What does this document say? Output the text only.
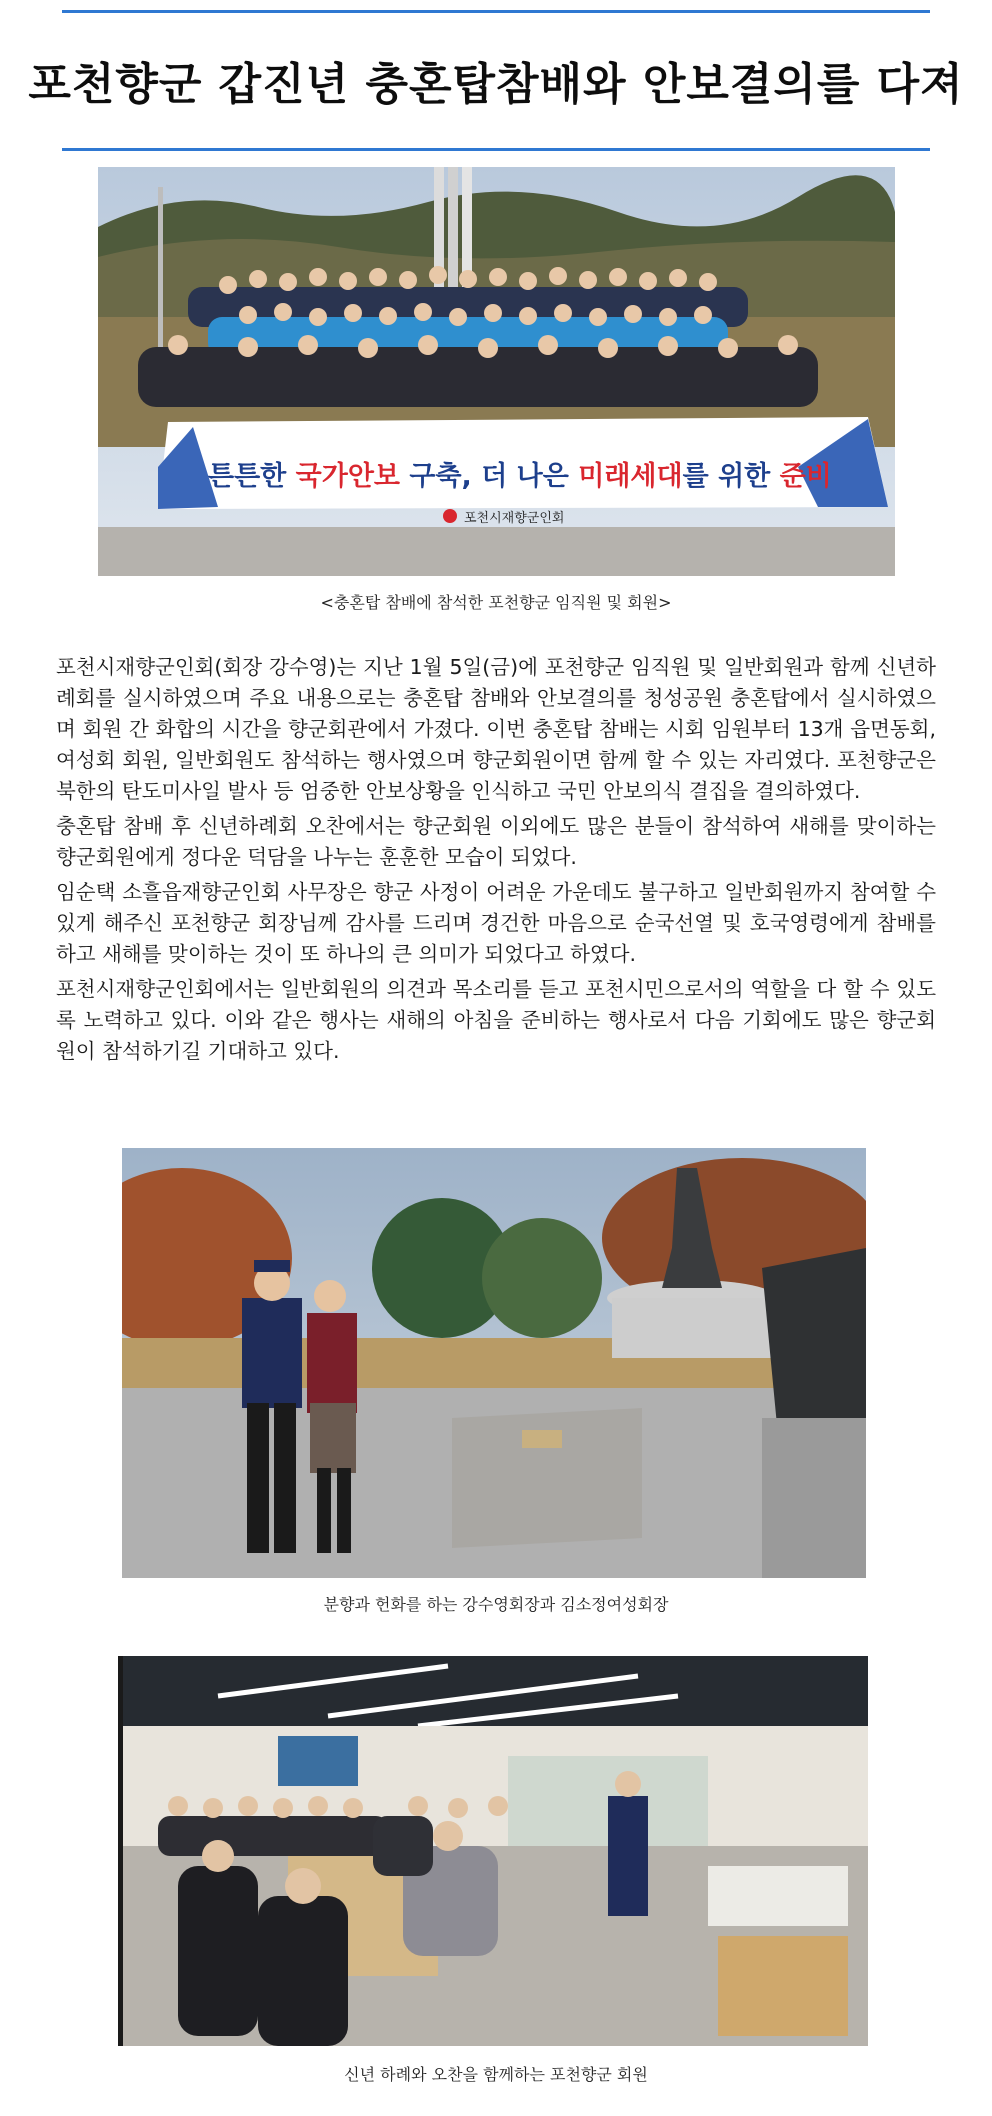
포천향군 갑진년 충혼탑참배와 안보결의를 다져
튼튼한 국가안보 구축, 더 나은 미래세대를 위한 준비
포천시재향군인회
<충혼탑 참배에 참석한 포천향군 임직원 및 회원>

포천시재향군인회(회장 강수영)는 지난 1월 5일(금)에 포천향군 임직원 및 일반회원과 함께 신년하례회를 실시하였으며 주요 내용으로는 충혼탑 참배와 안보결의를 청성공원 충혼탑에서 실시하였으며 회원 간 화합의 시간을 향군회관에서 가졌다. 이번 충혼탑 참배는 시회 임원부터 13개 읍면동회, 여성회 회원, 일반회원도 참석하는 행사였으며 향군회원이면 함께 할 수 있는 자리였다. 포천향군은 북한의 탄도미사일 발사 등 엄중한 안보상황을 인식하고 국민 안보의식 결집을 결의하였다.

충혼탑 참배 후 신년하례회 오찬에서는 향군회원 이외에도 많은 분들이 참석하여 새해를 맞이하는 향군회원에게 정다운 덕담을 나누는 훈훈한 모습이 되었다.

임순택 소흘읍재향군인회 사무장은 향군 사정이 어려운 가운데도 불구하고 일반회원까지 참여할 수 있게 해주신 포천향군 회장님께 감사를 드리며 경건한 마음으로 순국선열 및 호국영령에게 참배를 하고 새해를 맞이하는 것이 또 하나의 큰 의미가 되었다고 하였다.

포천시재향군인회에서는 일반회원의 의견과 목소리를 듣고 포천시민으로서의 역할을 다 할 수 있도록 노력하고 있다. 이와 같은 행사는 새해의 아침을 준비하는 행사로서 다음 기회에도 많은 향군회원이 참석하기길 기대하고 있다.

분향과 헌화를 하는 강수영회장과 김소정여성회장
신년 하례와 오찬을 함께하는 포천향군 회원
